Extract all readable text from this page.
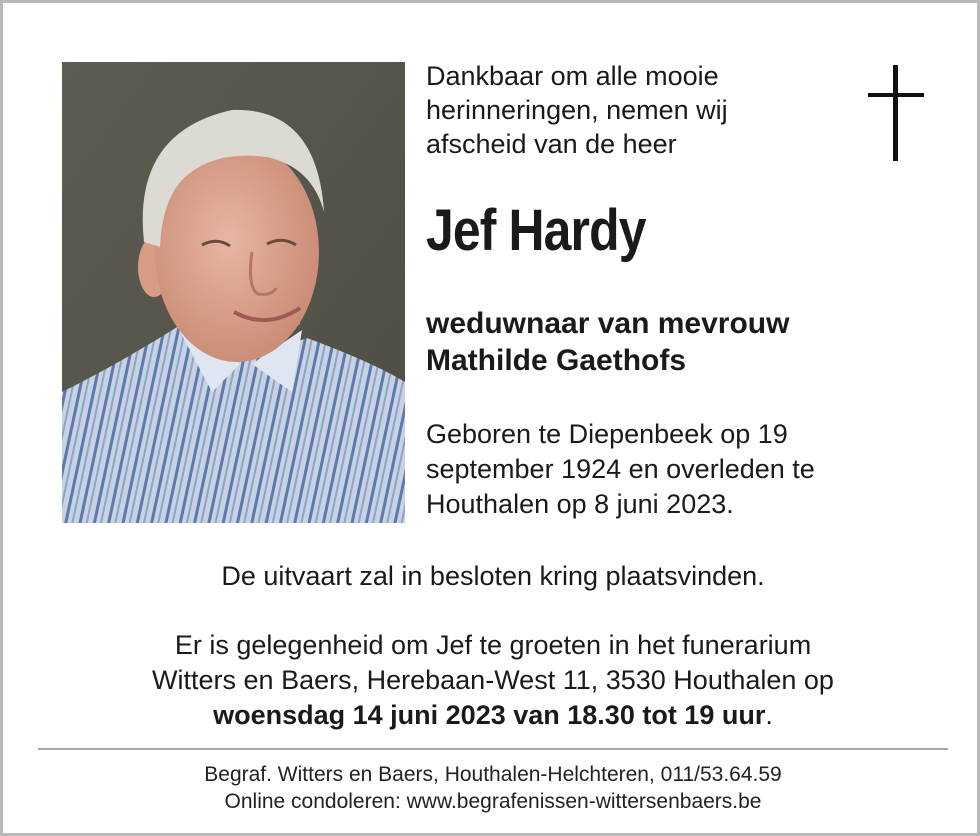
Dankbaar om alle mooie
herinneringen, nemen wij
afscheid van de heer
Jef Hardy
weduwnaar van mevrouw
Mathilde Gaethofs
Geboren te Diepenbeek op 19
september 1924 en overleden te
Houthalen op 8 juni 2023.
De uitvaart zal in besloten kring plaatsvinden.
Er is gelegenheid om Jef te groeten in het funerarium
Witters en Baers, Herebaan-West 11, 3530 Houthalen op
woensdag 14 juni 2023 van 18.30 tot 19 uur.
Begraf. Witters en Baers, Houthalen-Helchteren, 011/53.64.59
Online condoleren: www.begrafenissen-wittersenbaers.be
